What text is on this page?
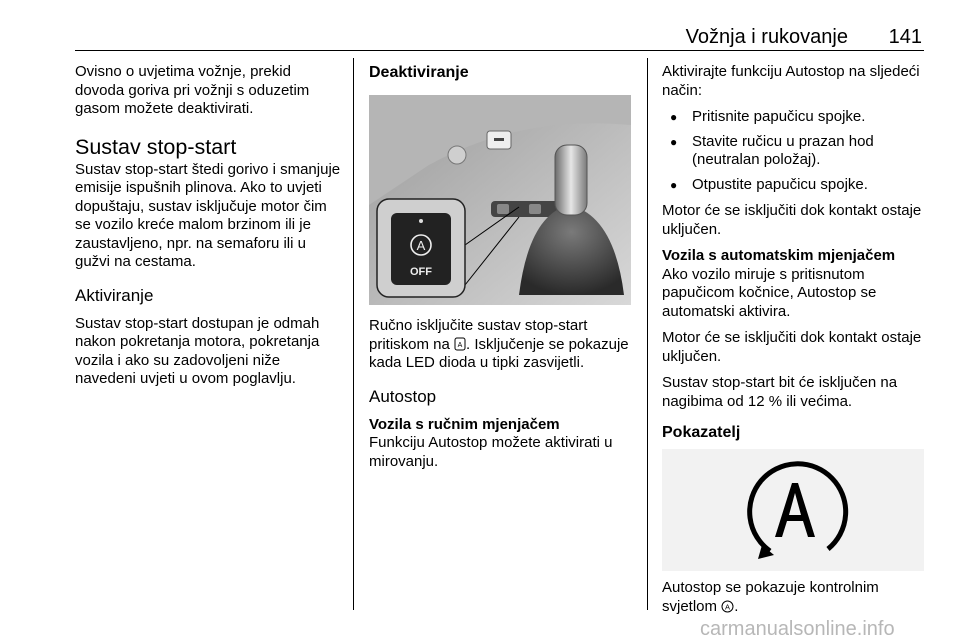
Vožnja i rukovanje 141

Ovisno o uvjetima vožnje, prekid dovoda goriva pri vožnji s oduzetim gasom možete deaktivirati.

Sustav stop-start

Sustav stop-start štedi gorivo i smanjuje emisije ispušnih plinova. Ako to uvjeti dopuštaju, sustav isključuje motor čim se vozilo kreće malom brzinom ili je zaustavljeno, npr. na semaforu ili u gužvi na cestama.

Aktiviranje

Sustav stop-start dostupan je odmah nakon pokretanja motora, pokretanja vozila i ako su zadovoljeni niže navedeni uvjeti u ovom poglavlju.

Deaktiviranje
A
OFF

Ručno isključite sustav stop-start pritiskom na A . Isključenje se pokazuje kada LED dioda u tipki zasvijetli.

Autostop
Vozila s ručnim mjenjačem

Funkciju Autostop možete aktivirati u mirovanju.

Aktivirajte funkciju Autostop na sljedeći način:

● Pritisnite papučicu spojke.
● Stavite ručicu u prazan hod (neutralan položaj).
● Otpustite papučicu spojke.

Motor će se isključiti dok kontakt ostaje uključen.

Vozila s automatskim mjenjačem

Ako vozilo miruje s pritisnutom papučicom kočnice, Autostop se automatski aktivira.

Motor će se isključiti dok kontakt ostaje uključen.

Sustav stop-start bit će isključen na nagibima od 12 % ili većima.

Pokazatelj

Autostop se pokazuje kontrolnim svjetlom A .

carmanualsonline.info
